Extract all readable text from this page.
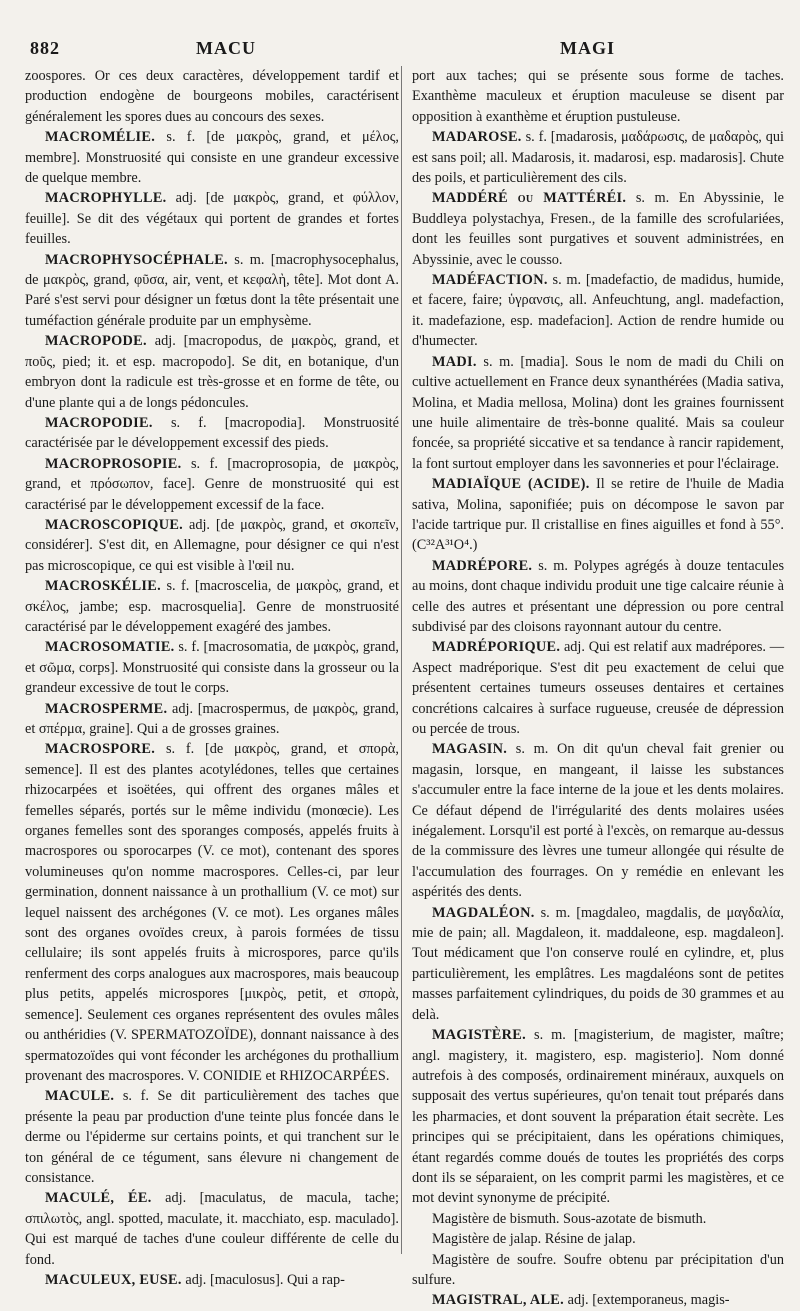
882	MACU	MAGI

zoospores. Or ces deux caractères, développement tardif et production endogène de bourgeons mobiles, caractérisent généralement les spores dues au concours des sexes.

MACROMÉLIE. s. f. [de μακρὸς, grand, et μέλος, membre]. Monstruosité qui consiste en une grandeur excessive de quelque membre.

MACROPHYLLE. adj. [de μακρὸς, grand, et φύλλον, feuille]. Se dit des végétaux qui portent de grandes et fortes feuilles.

MACROPHYSOCÉPHALE. s. m. [macrophysocephalus, de μακρὸς, grand, φῦσα, air, vent, et κεφαλὴ, tête]. Mot dont A. Paré s'est servi pour désigner un fœtus dont la tête présentait une tuméfaction générale produite par un emphysème.

MACROPODE. adj. [macropodus, de μακρὸς, grand, et ποῦς, pied; it. et esp. macropodo]. Se dit, en botanique, d'un embryon dont la radicule est très-grosse et en forme de tête, ou d'une plante qui a de longs pédoncules.

MACROPODIE. s. f. [macropodia]. Monstruosité caractérisée par le développement excessif des pieds.

MACROPROSOPIE. s. f. [macroprosopia, de μακρὸς, grand, et πρόσωπον, face]. Genre de monstruosité qui est caractérisé par le développement excessif de la face.

MACROSCOPIQUE. adj. [de μακρὸς, grand, et σκοπεῖν, considérer]. S'est dit, en Allemagne, pour désigner ce qui n'est pas microscopique, ce qui est visible à l'œil nu.

MACROSKÉLIE. s. f. [macroscelia, de μακρὸς, grand, et σκέλος, jambe; esp. macrosquelia]. Genre de monstruosité caractérisé par le développement exagéré des jambes.

MACROSOMATIE. s. f. [macrosomatia, de μακρὸς, grand, et σῶμα, corps]. Monstruosité qui consiste dans la grosseur ou la grandeur excessive de tout le corps.

MACROSPERME. adj. [macrospermus, de μακρὸς, grand, et σπέρμα, graine]. Qui a de grosses graines.

MACROSPORE. s. f. [de μακρὸς, grand, et σπορὰ, semence]. Il est des plantes acotylédones, telles que certaines rhizocarpées et isoëtées, qui offrent des organes mâles et femelles séparés, portés sur le même individu (monœcie). Les organes femelles sont des sporanges composés, appelés fruits à macrospores ou sporocarpes (V. ce mot), contenant des spores volumineuses qu'on nomme macrospores. Celles-ci, par leur germination, donnent naissance à un prothallium (V. ce mot) sur lequel naissent des archégones (V. ce mot). Les organes mâles sont des organes ovoïdes creux, à parois formées de tissu cellulaire; ils sont appelés fruits à microspores, parce qu'ils renferment des corps analogues aux macrospores, mais beaucoup plus petits, appelés microspores [μικρὸς, petit, et σπορὰ, semence]. Seulement ces organes représentent des ovules mâles ou anthéridies (V. SPERMATOZOÏDE), donnant naissance à des spermatozoïdes qui vont féconder les archégones du prothallium provenant des macrospores. V. CONIDIE et RHIZOCARPÉES.

MACULE. s. f. Se dit particulièrement des taches que présente la peau par production d'une teinte plus foncée dans le derme ou l'épiderme sur certains points, et qui tranchent sur le ton général de ce tégument, sans élevure ni changement de consistance.

MACULÉ, ÉE. adj. [maculatus, de macula, tache; σπιλωτὸς, angl. spotted, maculate, it. macchiato, esp. maculado]. Qui est marqué de taches d'une couleur différente de celle du fond.

MACULEUX, EUSE. adj. [maculosus]. Qui a rap-

port aux taches; qui se présente sous forme de taches. Exanthème maculeux et éruption maculeuse se disent par opposition à exanthème et éruption pustuleuse.

MADAROSE. s. f. [madarosis, μαδάρωσις, de μαδαρὸς, qui est sans poil; all. Madarosis, it. madarosi, esp. madarosis]. Chute des poils, et particulièrement des cils.

MADDÉRÉ ou MATTÉRÉI. s. m. En Abyssinie, le Buddleya polystachya, Fresen., de la famille des scrofulariées, dont les feuilles sont purgatives et souvent administrées, en Abyssinie, avec le cousso.

MADÉFACTION. s. m. [madefactio, de madidus, humide, et facere, faire; ὑγρανσις, all. Anfeuchtung, angl. madefaction, it. madefazione, esp. madefacion]. Action de rendre humide ou d'humecter.

MADI. s. m. [madia]. Sous le nom de madi du Chili on cultive actuellement en France deux synanthérées (Madia sativa, Molina, et Madia mellosa, Molina) dont les graines fournissent une huile alimentaire de très-bonne qualité. Mais sa couleur foncée, sa propriété siccative et sa tendance à rancir rapidement, la font surtout employer dans les savonneries et pour l'éclairage.

MADIAÏQUE (ACIDE). Il se retire de l'huile de Madia sativa, Molina, saponifiée; puis on décompose le savon par l'acide tartrique pur. Il cristallise en fines aiguilles et fond à 55°. (C³²A³¹O⁴.)

MADRÉPORE. s. m. Polypes agrégés à douze tentacules au moins, dont chaque individu produit une tige calcaire réunie à celle des autres et présentant une dépression ou pore central subdivisé par des cloisons rayonnant autour du centre.

MADRÉPORIQUE. adj. Qui est relatif aux madrépores. — Aspect madréporique. S'est dit peu exactement de celui que présentent certaines tumeurs osseuses dentaires et certaines concrétions calcaires à surface rugueuse, creusée de dépression ou percée de trous.

MAGASIN. s. m. On dit qu'un cheval fait grenier ou magasin, lorsque, en mangeant, il laisse les substances s'accumuler entre la face interne de la joue et les dents molaires. Ce défaut dépend de l'irrégularité des dents molaires usées inégalement. Lorsqu'il est porté à l'excès, on remarque au-dessus de la commissure des lèvres une tumeur allongée qui résulte de l'accumulation des fourrages. On y remédie en enlevant les aspérités des dents.

MAGDALÉON. s. m. [magdaleo, magdalis, de μαγδαλία, mie de pain; all. Magdaleon, it. maddaleone, esp. magdaleon]. Tout médicament que l'on conserve roulé en cylindre, et, plus particulièrement, les emplâtres. Les magdaléons sont de petites masses parfaitement cylindriques, du poids de 30 grammes et au delà.

MAGISTÈRE. s. m. [magisterium, de magister, maître; angl. magistery, it. magistero, esp. magisterio]. Nom donné autrefois à des composés, ordinairement minéraux, auxquels on supposait des vertus supérieures, qu'on tenait tout préparés dans les pharmacies, et dont souvent la préparation était secrète. Les principes qui se précipitaient, dans les opérations chimiques, étant regardés comme doués de toutes les propriétés des corps dont ils se séparaient, on les comprit parmi les magistères, et ce mot devint synonyme de précipité.

Magistère de bismuth. Sous-azotate de bismuth.

Magistère de jalap. Résine de jalap.

Magistère de soufre. Soufre obtenu par précipitation d'un sulfure.

MAGISTRAL, ALE. adj. [extemporaneus, magis-
